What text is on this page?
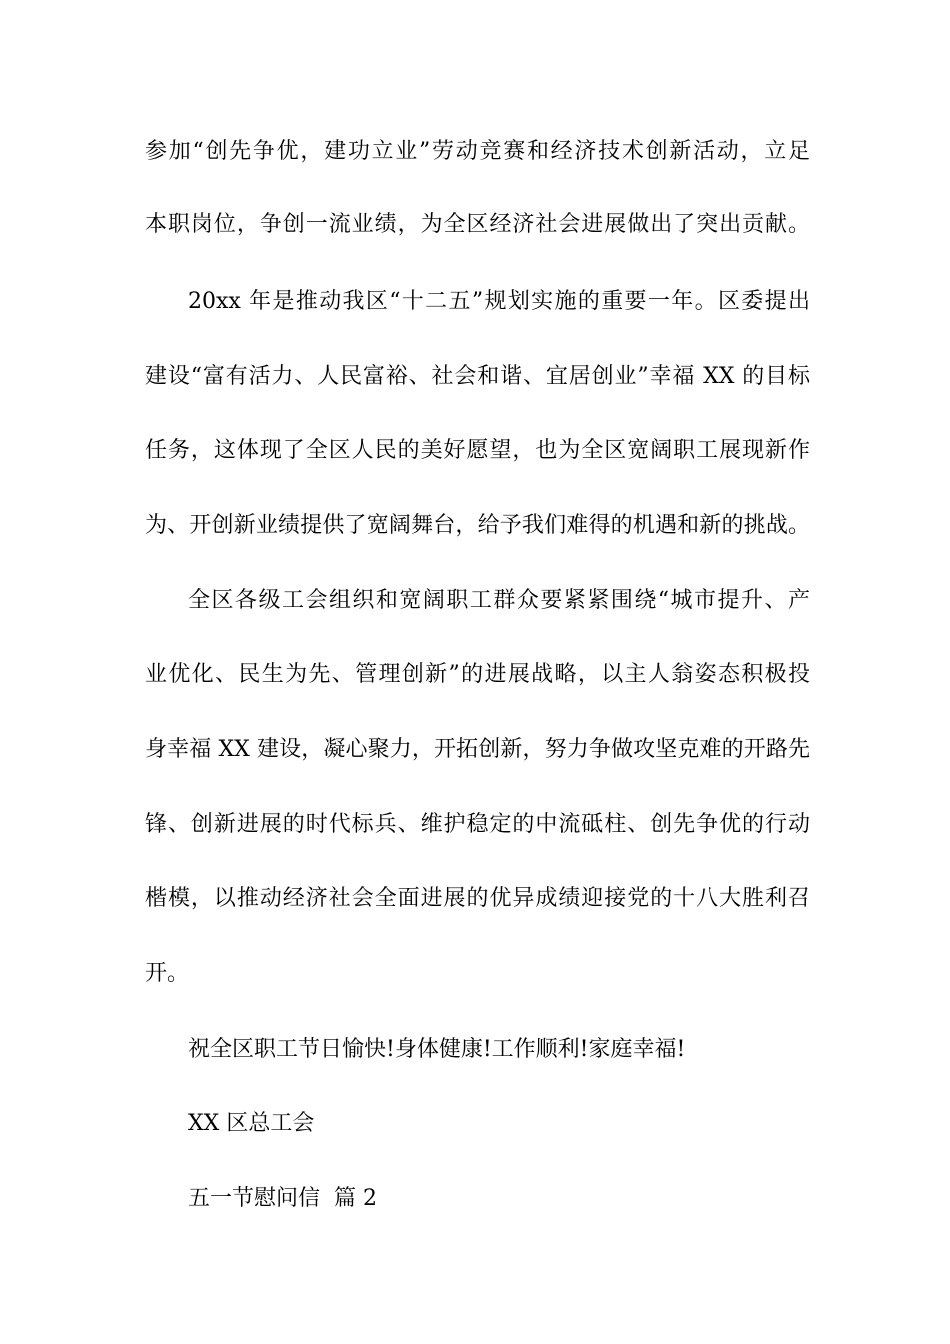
参加“创先争优，建功立业”劳动竞赛和经济技术创新活动，立足
本职岗位，争创一流业绩，为全区经济社会进展做出了突出贡献。
20xx 年是推动我区“十二五”规划实施的重要一年。区委提出
建设“富有活力、人民富裕、社会和谐、宜居创业”幸福 XX 的目标
任务，这体现了全区人民的美好愿望，也为全区宽阔职工展现新作
为、开创新业绩提供了宽阔舞台，给予我们难得的机遇和新的挑战。
全区各级工会组织和宽阔职工群众要紧紧围绕“城市提升、产
业优化、民生为先、管理创新”的进展战略，以主人翁姿态积极投
身幸福 XX 建设，凝心聚力，开拓创新，努力争做攻坚克难的开路先
锋、创新进展的时代标兵、维护稳定的中流砥柱、创先争优的行动
楷模，以推动经济社会全面进展的优异成绩迎接党的十八大胜利召
开。
祝全区职工节日愉快!身体健康!工作顺利!家庭幸福!
XX 区总工会
五一节慰问信  篇 2
